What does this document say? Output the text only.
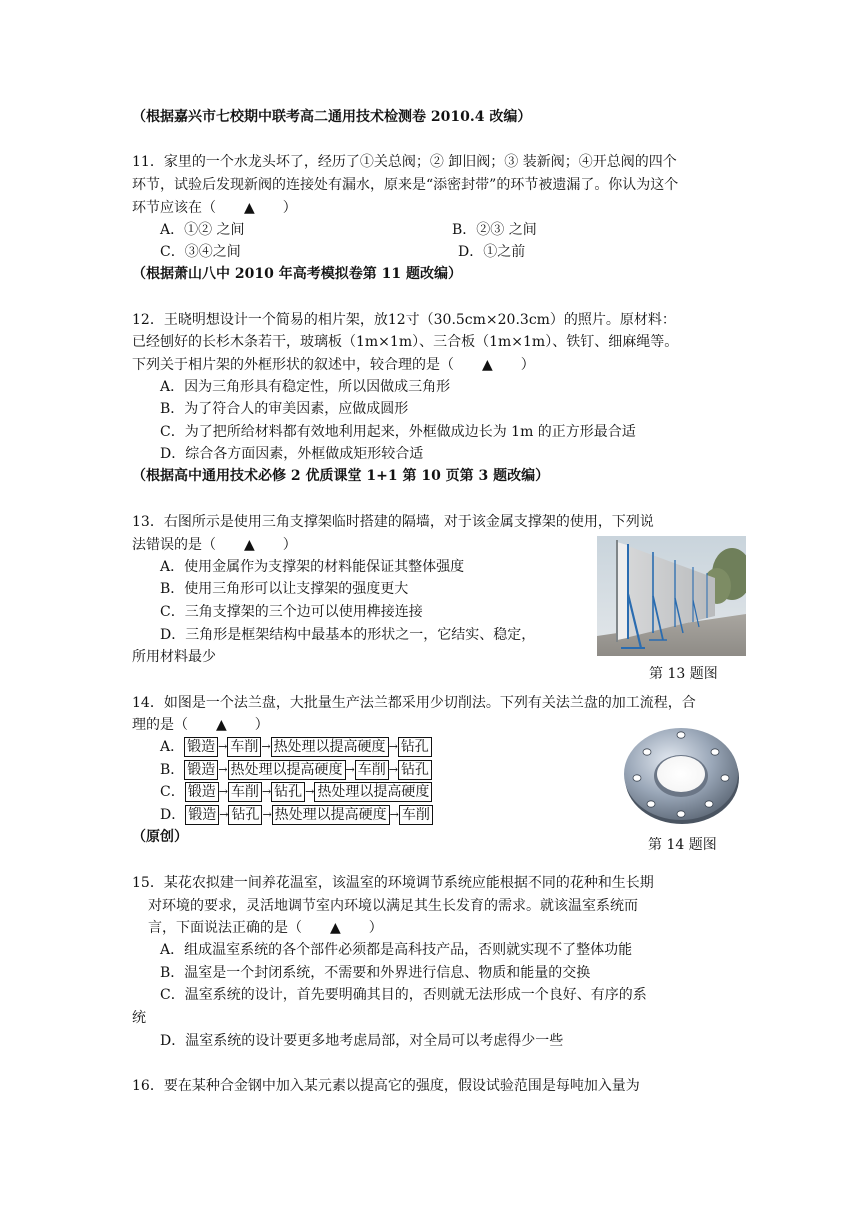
（根据嘉兴市七校期中联考高二通用技术检测卷 2010.4 改编）
11．家里的一个水龙头坏了，经历了①关总阀；② 卸旧阀；③ 装新阀；④开总阀的四个
环节，试验后发现新阀的连接处有漏水，原来是“添密封带”的环节被遗漏了。你认为这个
环节应该在（　　▲　　）
A．①② 之间	B．②③ 之间
C．③④之间	D．①之前
（根据萧山八中 2010 年高考模拟卷第 11 题改编）
12．王晓明想设计一个简易的相片架，放12寸（30.5cm×20.3cm）的照片。原材料：
已经刨好的长杉木条若干，玻璃板（1m×1m）、三合板（1m×1m）、铁钉、细麻绳等。
下列关于相片架的外框形状的叙述中，较合理的是（　　▲　　）
A．因为三角形具有稳定性，所以因做成三角形
B．为了符合人的审美因素，应做成圆形
C．为了把所给材料都有效地利用起来，外框做成边长为 1m 的正方形最合适
D．综合各方面因素，外框做成矩形较合适
（根据高中通用技术必修 2 优质课堂 1+1 第 10 页第 3 题改编）
13．右图所示是使用三角支撑架临时搭建的隔墙，对于该金属支撑架的使用，下列说
法错误的是（　　▲　　）
A．使用金属作为支撑架的材料能保证其整体强度
B．使用三角形可以让支撑架的强度更大
C．三角支撑架的三个边可以使用榫接连接
D．三角形是框架结构中最基本的形状之一，它结实、稳定，
所用材料最少
第 13 题图
14．如图是一个法兰盘，大批量生产法兰都采用少切削法。下列有关法兰盘的加工流程，合
理的是（　　▲　　）
A． 锻造 → 车削 → 热处理以提高硬度 → 钻孔
B． 锻造 → 热处理以提高硬度 → 车削 → 钻孔
C． 锻造 → 车削 → 钻孔 → 热处理以提高硬度
D． 锻造 → 钻孔 → 热处理以提高硬度 → 车削
（原创）	第 14 题图
15．某花农拟建一间养花温室，该温室的环境调节系统应能根据不同的花种和生长期
对环境的要求，灵活地调节室内环境以满足其生长发育的需求。就该温室系统而
言，下面说法正确的是（　　▲　　）
A．组成温室系统的各个部件必须都是高科技产品，否则就实现不了整体功能
B．温室是一个封闭系统，不需要和外界进行信息、物质和能量的交换
C．温室系统的设计，首先要明确其目的，否则就无法形成一个良好、有序的系
统
D．温室系统的设计要更多地考虑局部，对全局可以考虑得少一些
16．要在某种合金钢中加入某元素以提高它的强度，假设试验范围是每吨加入量为
